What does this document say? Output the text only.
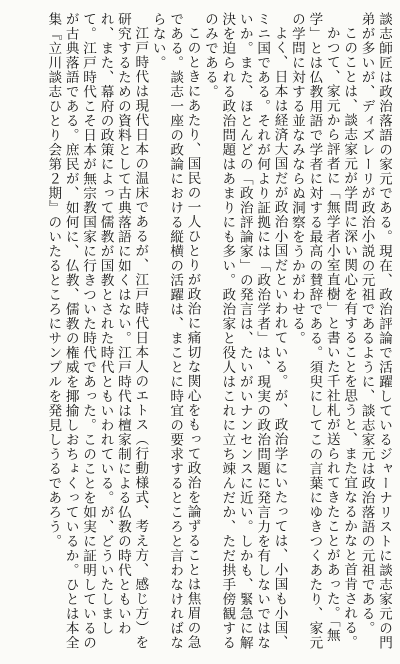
談志師匠は政治落語の家元である。現在、政治評論で活躍しているジャーナリストに談志家元の門弟が多いが、ディズレーリが政治小説の元祖であるように、談志家元は政治落語の元祖である。

このことは、談志家元が学問に深い関心を有することを思うと、また宜なるかなと首肯される。

かつて、家元から評者に「無学者小室直樹」と書いた千社札が送られてきたことがあった。「無学」とは仏教用語で学者に対する最高の賛辞である。須臾にしてこの言葉にゆきつくあたり、家元の学問に対する並なみならぬ洞察をうかがわせる。

よく、日本は経済大国だが政治小国だといわれている。が、政治学にいたっては、小国も小国、ミニ国である。それが何より証拠には「政治学者」は、現実の政治問題に発言力を有しないではないか。また、ほとんどの「政治評論家」の発言は、たいがいナンセンスに近い。しかも、緊急に解決を迫られる政治問題はあまりにも多い。政治家と役人はこれに立ち竦んだか、ただ拱手傍観するのみである。

このときにあたり、国民の一人ひとりが政治に痛切な関心をもって政治を論ずることは焦眉の急である。談志一座の政論における縦横の活躍は、まことに時宜の要求するところと言わなければならない。

江戸時代は現代日本の温床であるが、江戸時代日本人のエトス（行動様式、考え方、感じ方）を研究するための資料として古典落語に如くはない。江戸時代は檀家制による仏教の時代ともいわれ、また、幕府の政策によって儒教が国教とされた時代ともいわれている。が、どういたしまして。江戸時代こそ日本が無宗教国家に行きついた時代であった。このことを如実に証明しているのが古典落語である。庶民が、如何に、仏教、儒教の権威を揶揄しおちょくっているか。ひとは本全集『立川談志ひとり会第２期』のいたるところにサンプルを発見しうるであろう。
